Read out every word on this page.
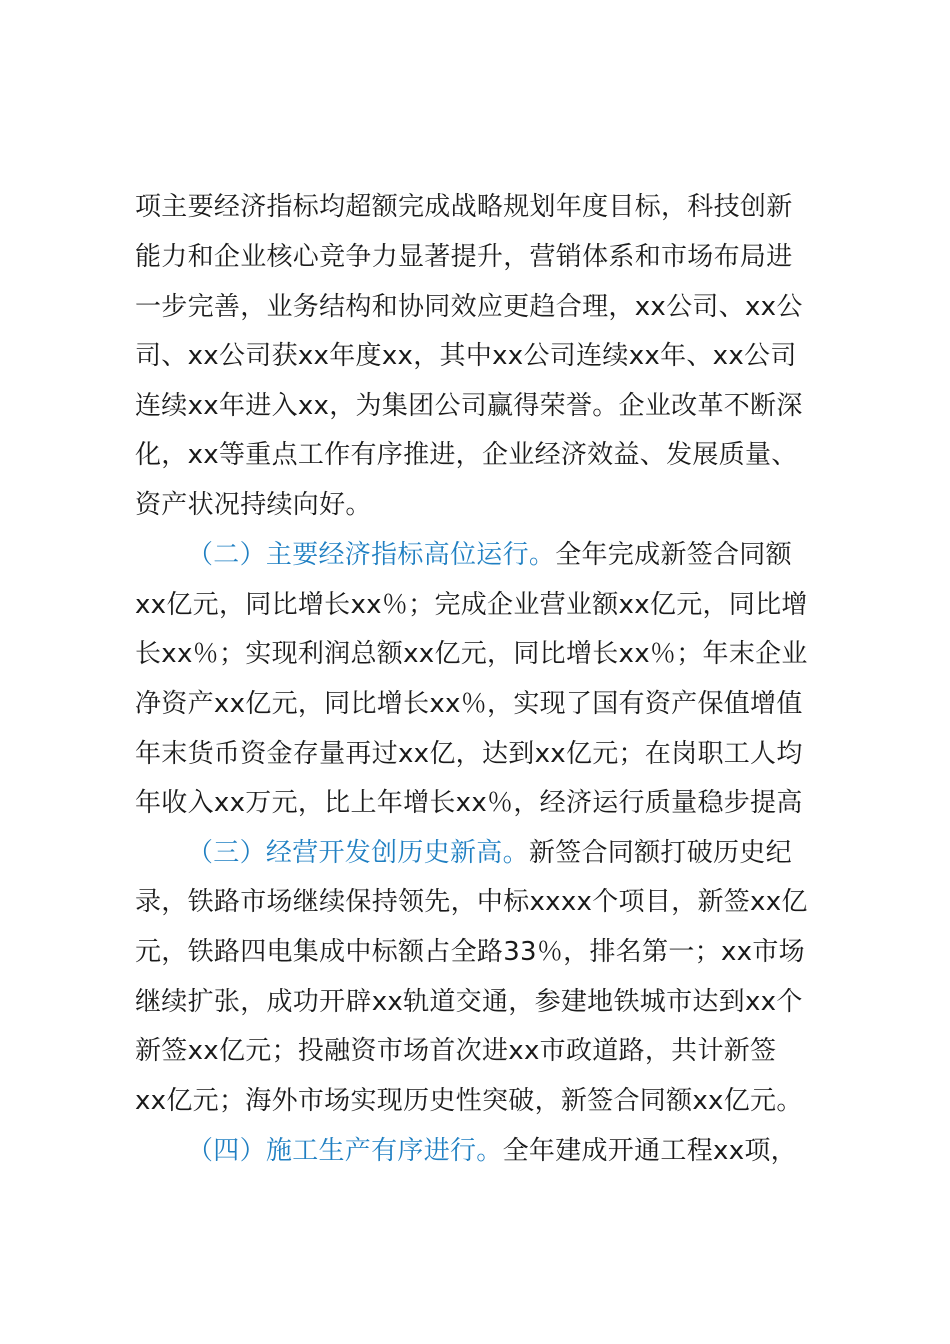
项主要经济指标均超额完成战略规划年度目标，科技创新
能力和企业核心竞争力显著提升，营销体系和市场布局进
一步完善，业务结构和协同效应更趋合理，xx公司、xx公
司、xx公司获xx年度xx，其中xx公司连续xx年、xx公司
连续xx年进入xx，为集团公司赢得荣誉。企业改革不断深
化，xx等重点工作有序推进，企业经济效益、发展质量、
资产状况持续向好。
（二）主要经济指标高位运行。全年完成新签合同额
xx亿元，同比增长xx％；完成企业营业额xx亿元，同比增
长xx％；实现利润总额xx亿元，同比增长xx％；年末企业
净资产xx亿元，同比增长xx％，实现了国有资产保值增值
年末货币资金存量再过xx亿，达到xx亿元；在岗职工人均
年收入xx万元，比上年增长xx％，经济运行质量稳步提高
（三）经营开发创历史新高。新签合同额打破历史纪
录，铁路市场继续保持领先，中标xxxx个项目，新签xx亿
元，铁路四电集成中标额占全路33％，排名第一；xx市场
继续扩张，成功开辟xx轨道交通，参建地铁城市达到xx个
新签xx亿元；投融资市场首次进xx市政道路，共计新签
xx亿元；海外市场实现历史性突破，新签合同额xx亿元。
（四）施工生产有序进行。全年建成开通工程xx项，
